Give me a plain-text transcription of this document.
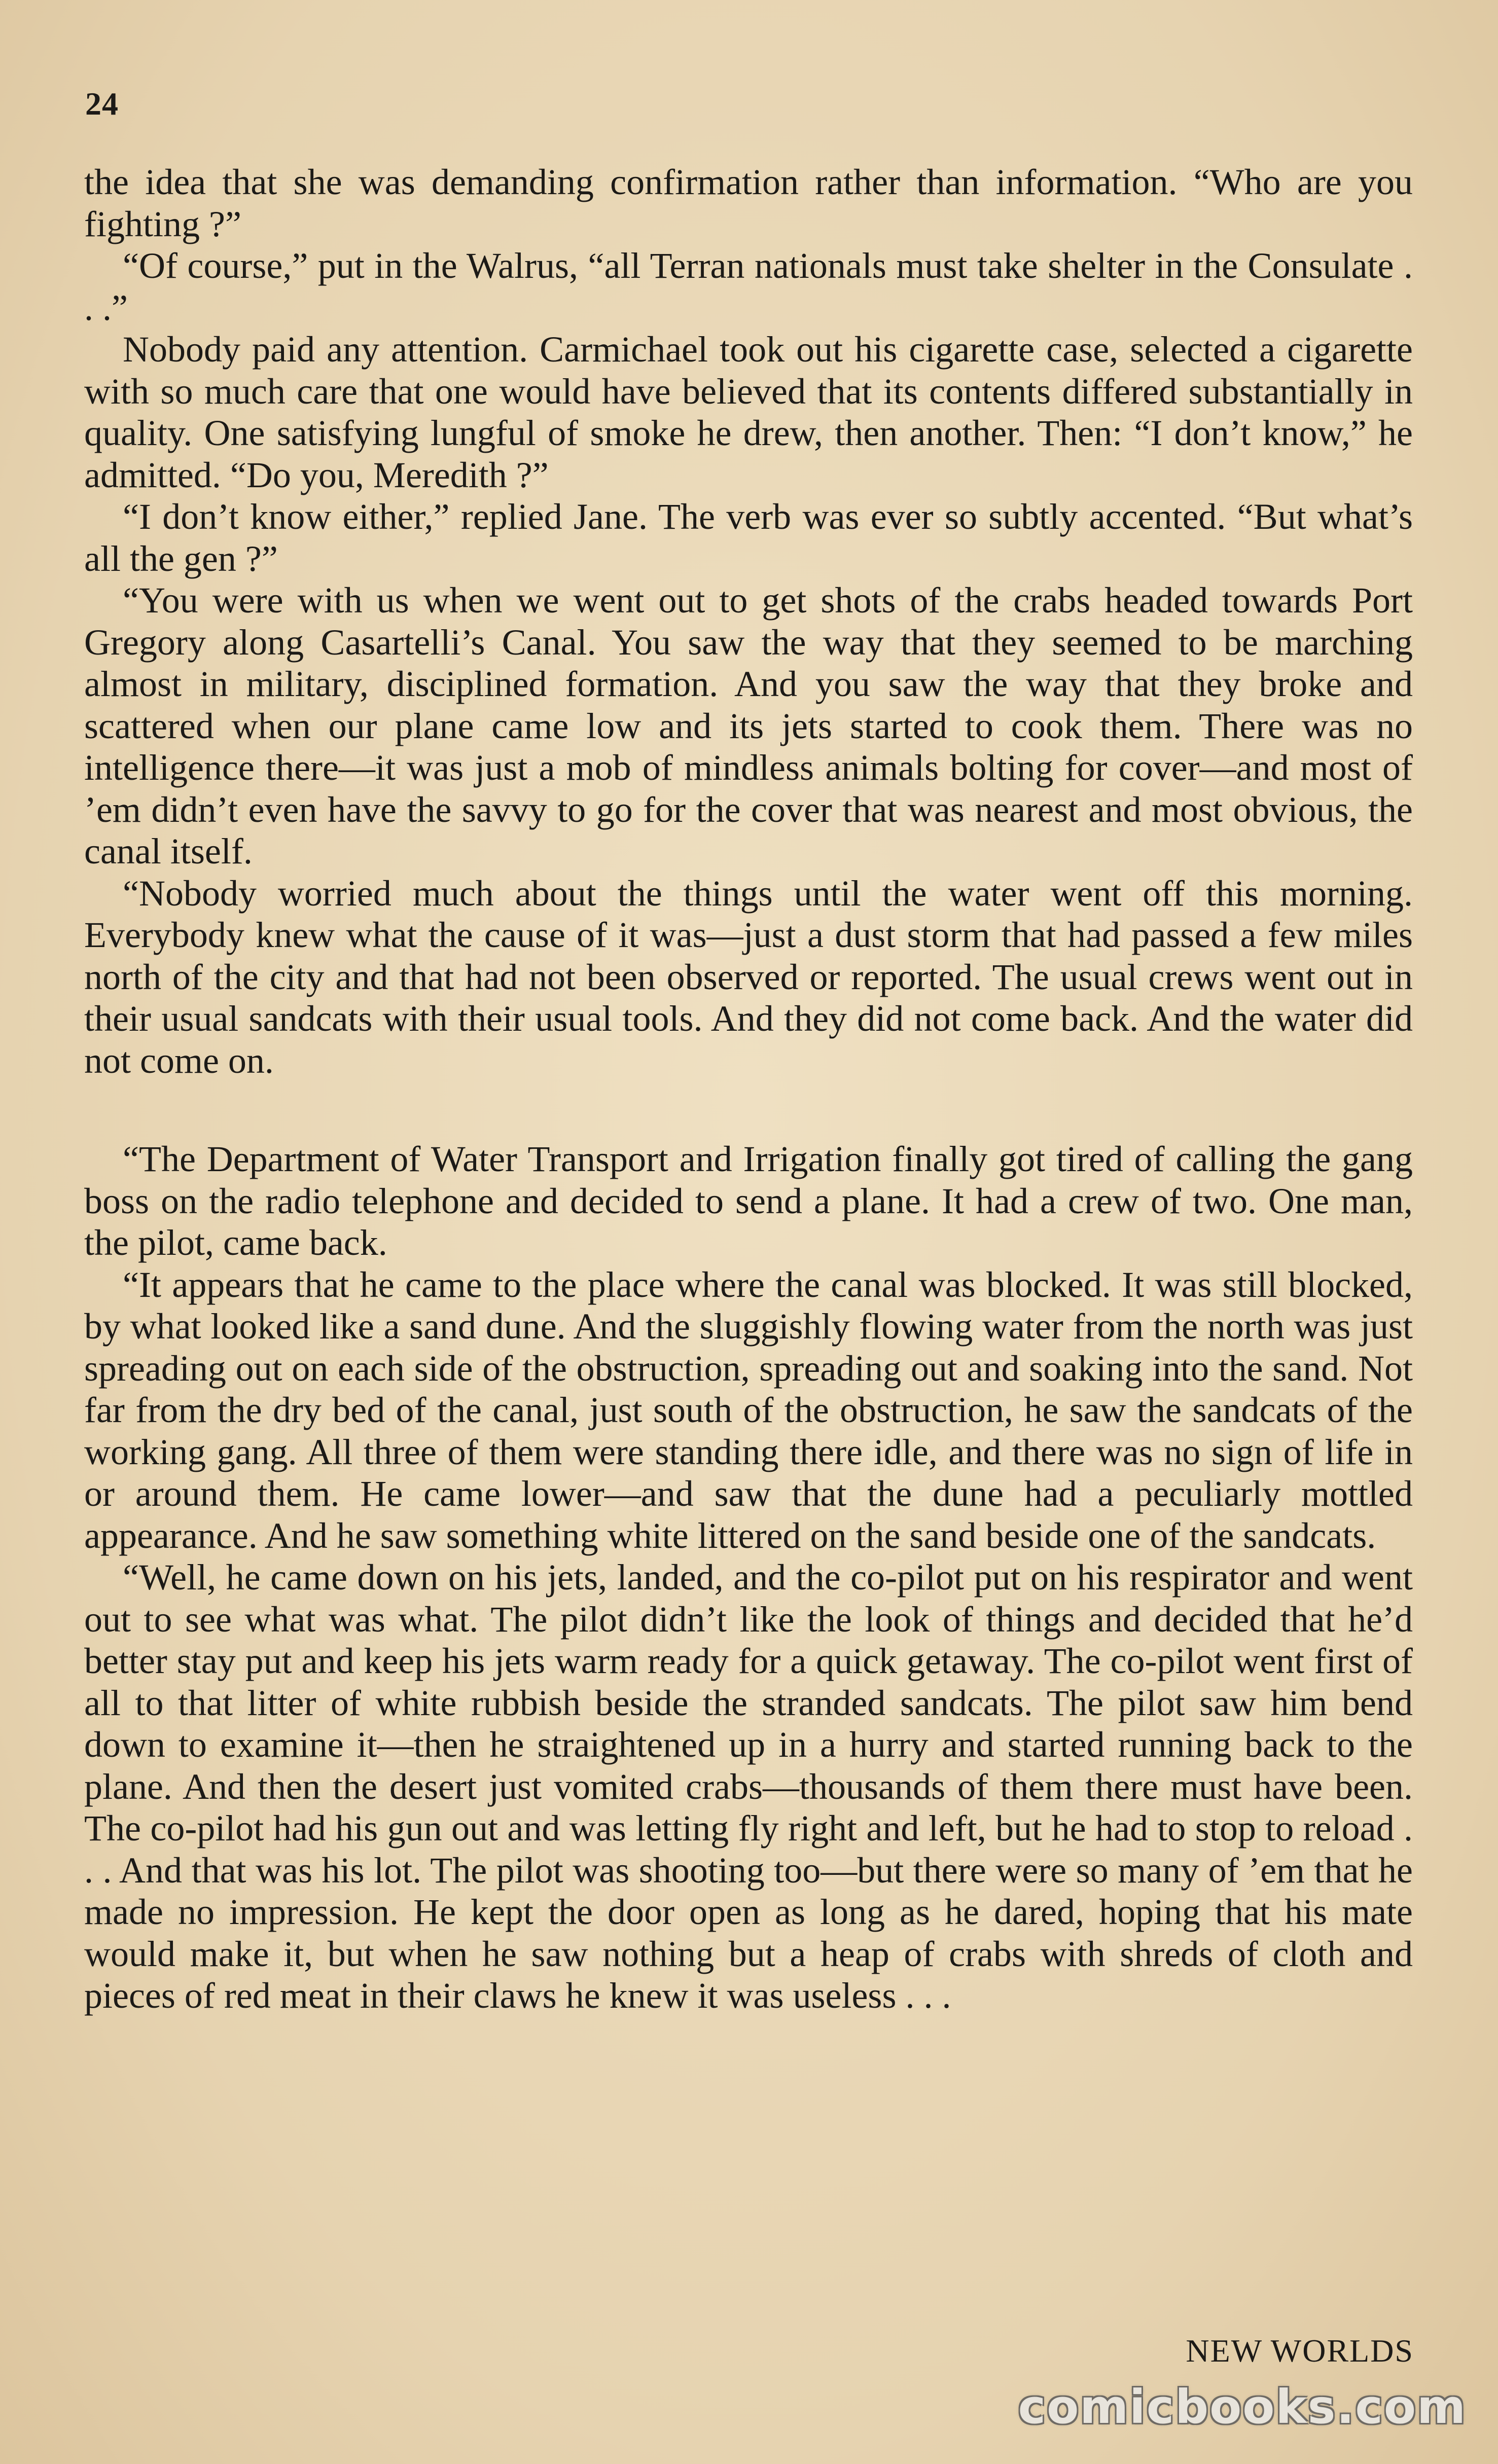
24

the idea that she was demanding confirmation rather than information. “Who are you fighting ?”

“Of course,” put in the Walrus, “all Terran nationals must take shelter in the Consulate . . .”

Nobody paid any attention. Carmichael took out his cigarette case, selected a cigarette with so much care that one would have believed that its contents differed substantially in quality. One satisfying lungful of smoke he drew, then another. Then: “I don’t know,” he admitted. “Do you, Meredith ?”

“I don’t know either,” replied Jane. The verb was ever so subtly accented. “But what’s all the gen ?”

“You were with us when we went out to get shots of the crabs headed towards Port Gregory along Casartelli’s Canal. You saw the way that they seemed to be marching almost in military, disciplined formation. And you saw the way that they broke and scattered when our plane came low and its jets started to cook them. There was no intelligence there—it was just a mob of mindless animals bolting for cover—and most of ’em didn’t even have the savvy to go for the cover that was nearest and most obvious, the canal itself.

“Nobody worried much about the things until the water went off this morning. Everybody knew what the cause of it was—just a dust storm that had passed a few miles north of the city and that had not been observed or reported. The usual crews went out in their usual sandcats with their usual tools. And they did not come back. And the water did not come on.

“The Department of Water Transport and Irrigation finally got tired of calling the gang boss on the radio telephone and decided to send a plane. It had a crew of two. One man, the pilot, came back.

“It appears that he came to the place where the canal was blocked. It was still blocked, by what looked like a sand dune. And the sluggishly flowing water from the north was just spreading out on each side of the obstruction, spreading out and soaking into the sand. Not far from the dry bed of the canal, just south of the obstruction, he saw the sandcats of the working gang. All three of them were standing there idle, and there was no sign of life in or around them. He came lower—and saw that the dune had a peculiarly mottled appearance. And he saw something white littered on the sand beside one of the sandcats.

“Well, he came down on his jets, landed, and the co-pilot put on his respirator and went out to see what was what. The pilot didn’t like the look of things and decided that he’d better stay put and keep his jets warm ready for a quick getaway. The co-pilot went first of all to that litter of white rubbish beside the stranded sandcats. The pilot saw him bend down to examine it—then he straightened up in a hurry and started running back to the plane. And then the desert just vomited crabs—thousands of them there must have been. The co-pilot had his gun out and was letting fly right and left, but he had to stop to reload . . . And that was his lot. The pilot was shooting too—but there were so many of ’em that he made no impression. He kept the door open as long as he dared, hoping that his mate would make it, but when he saw nothing but a heap of crabs with shreds of cloth and pieces of red meat in their claws he knew it was useless . . .

NEW WORLDS
comicbooks.com
